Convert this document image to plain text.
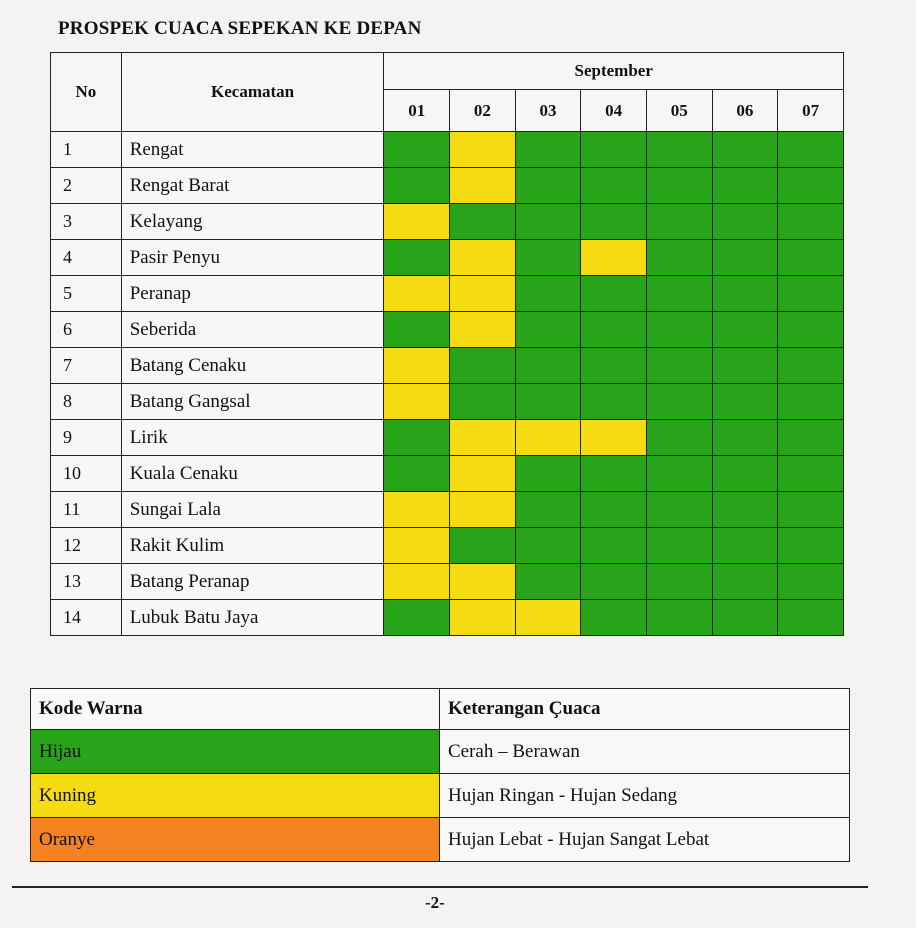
PROSPEK CUACA SEPEKAN KE DEPAN
No	Kecamatan	September						
		01	02	03	04	05	06	07
1	Rengat							
2	Rengat Barat							
3	Kelayang							
4	Pasir Penyu							
5	Peranap							
6	Seberida							
7	Batang Cenaku							
8	Batang Gangsal							
9	Lirik							
10	Kuala Cenaku							
11	Sungai Lala							
12	Rakit Kulim							
13	Batang Peranap							
14	Lubuk Batu Jaya							
Kode Warna	Keterangan Çuaca
Hijau	Cerah – Berawan
Kuning	Hujan Ringan - Hujan Sedang
Oranye	Hujan Lebat - Hujan Sangat Lebat
-2-
